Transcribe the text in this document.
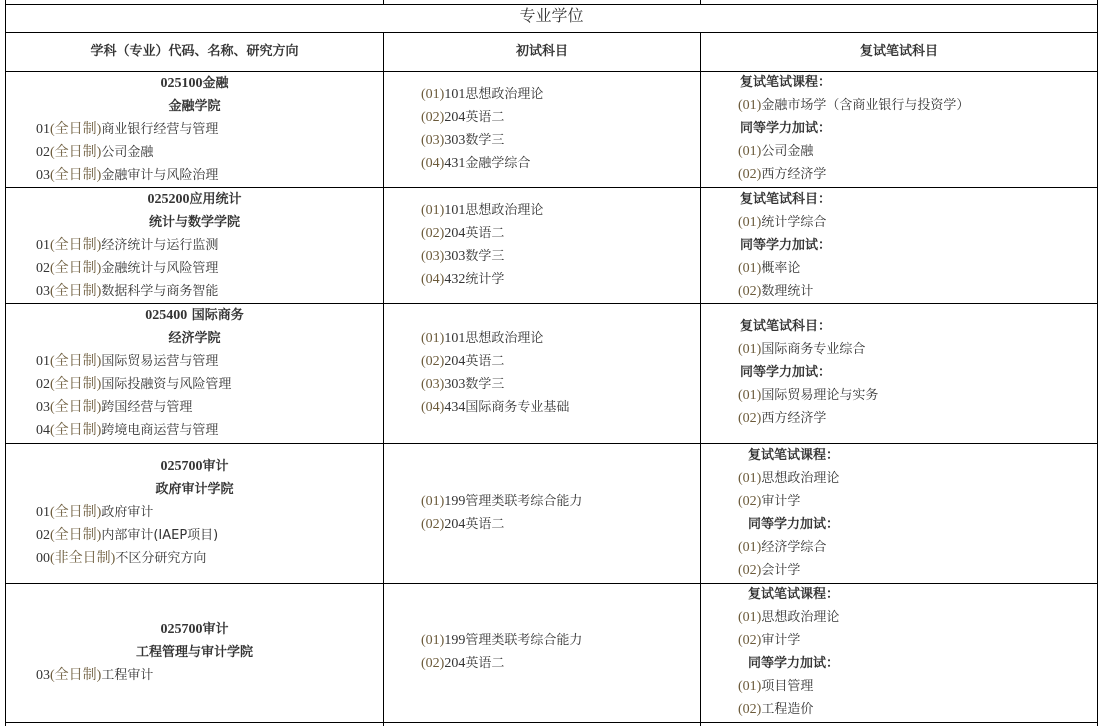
专业学位
学科（专业）代码、名称、研究方向	初试科目	复试笔试科目
025100金融
金融学院
01(全日制)商业银行经营与管理
02(全日制)公司金融
03(全日制)金融审计与风险治理
(01)101思想政治理论
(02)204英语二
(03)303数学三
(04)431金融学综合
复试笔试课程：
(01)金融市场学（含商业银行与投资学）
同等学力加试：
(01)公司金融
(02)西方经济学
025200应用统计
统计与数学学院
01(全日制)经济统计与运行监测
02(全日制)金融统计与风险管理
03(全日制)数据科学与商务智能
(01)101思想政治理论
(02)204英语二
(03)303数学三
(04)432统计学
复试笔试科目：
(01)统计学综合
同等学力加试：
(01)概率论
(02)数理统计
025400 国际商务
经济学院
01(全日制)国际贸易运营与管理
02(全日制)国际投融资与风险管理
03(全日制)跨国经营与管理
04(全日制)跨境电商运营与管理
(01)101思想政治理论
(02)204英语二
(03)303数学三
(04)434国际商务专业基础
复试笔试科目：
(01)国际商务专业综合
同等学力加试：
(01)国际贸易理论与实务
(02)西方经济学
025700审计
政府审计学院
01(全日制)政府审计
02(全日制)内部审计(IAEP项目)
00(非全日制)不区分研究方向
(01)199管理类联考综合能力
(02)204英语二
复试笔试课程：
(01)思想政治理论
(02)审计学
同等学力加试：
(01)经济学综合
(02)会计学
025700审计
工程管理与审计学院
03(全日制)工程审计
(01)199管理类联考综合能力
(02)204英语二
复试笔试课程：
(01)思想政治理论
(02)审计学
同等学力加试：
(01)项目管理
(02)工程造价
